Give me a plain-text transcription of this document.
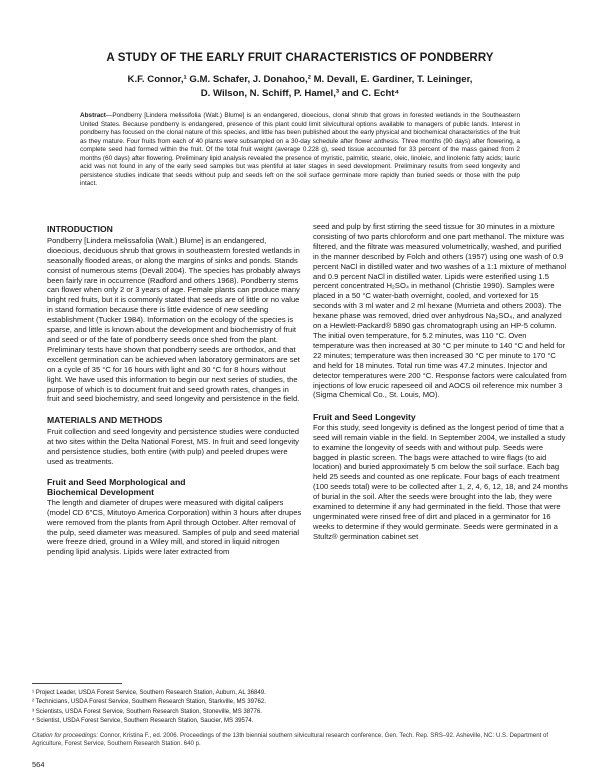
A STUDY OF THE EARLY FRUIT CHARACTERISTICS OF PONDBERRY
K.F. Connor,¹ G.M. Schafer, J. Donahoo,² M. Devall, E. Gardiner, T. Leininger,
D. Wilson, N. Schiff, P. Hamel,³ and C. Echt⁴
Abstract—Pondberry [Lindera melissifolia (Walt.) Blume] is an endangered, dioecious, clonal shrub that grows in forested wetlands in the Southeastern United States. Because pondberry is endangered, presence of this plant could limit silvicultural options available to managers of public lands. Interest in pondberry has focused on the clonal nature of this species, and little has been published about the early physical and biochemical characteristics of the fruit as they mature. Four fruits from each of 40 plants were subsampled on a 30-day schedule after flower anthesis. Three months (90 days) after flowering, a complete seed had formed within the fruit. Of the total fruit weight (average 0.228 g), seed tissue accounted for 33 percent of the mass gained from 2 months (60 days) after flowering. Preliminary lipid analysis revealed the presence of myristic, palmitic, stearic, oleic, linoleic, and linolenic fatty acids; lauric acid was not found in any of the early seed samples but was plentiful at later stages in seed development. Preliminary results from seed longevity and persistence studies indicate that seeds without pulp and seeds left on the soil surface germinate more rapidly than buried seeds or those with the pulp intact.
INTRODUCTION

Pondberry [Lindera melissafolia (Walt.) Blume] is an endangered, dioecious, deciduous shrub that grows in southeastern forested wetlands in seasonally flooded areas, or along the margins of sinks and ponds. Stands consist of numerous stems (Devall 2004). The species has probably always been fairly rare in occurrence (Radford and others 1968). Pondberry stems can flower when only 2 or 3 years of age. Female plants can produce many bright red fruits, but it is commonly stated that seeds are of little or no value in stand formation because there is little evidence of new seedling establishment (Tucker 1984). Information on the ecology of the species is sparse, and little is known about the development and biochemistry of fruit and seed or of the fate of pondberry seeds once shed from the plant. Preliminary tests have shown that pondberry seeds are orthodox, and that excellent germination can be achieved when laboratory germinators are set on a cycle of 35 °C for 16 hours with light and 30 °C for 8 hours without light. We have used this information to begin our next series of studies, the purpose of which is to document fruit and seed growth rates, changes in fruit and seed biochemistry, and seed longevity and persistence in the field.

MATERIALS AND METHODS

Fruit collection and seed longevity and persistence studies were conducted at two sites within the Delta National Forest, MS. In fruit and seed longevity and persistence studies, both entire (with pulp) and peeled drupes were used as treatments.

Fruit and Seed Morphological and
Biochemical Development

The length and diameter of drupes were measured with digital calipers (model CD 6"CS, Mitutoyo America Corporation) within 3 hours after drupes were removed from the plants from April through October. After removal of the pulp, seed diameter was measured. Samples of pulp and seed material were freeze dried, ground in a Wiley mill, and stored in liquid nitrogen pending lipid analysis. Lipids were later extracted from

seed and pulp by first stirring the seed tissue for 30 minutes in a mixture consisting of two parts chloroform and one part methanol. The mixture was filtered, and the filtrate was measured volumetrically, washed, and purified in the manner described by Folch and others (1957) using one wash of 0.9 percent NaCl in distilled water and two washes of a 1:1 mixture of methanol and 0.9 percent NaCl in distilled water. Lipids were esterified using 1.5 percent concentrated H₂SO₄ in methanol (Christie 1990). Samples were placed in a 50 °C water-bath overnight, cooled, and vortexed for 15 seconds with 3 ml water and 2 ml hexane (Murrieta and others 2003). The hexane phase was removed, dried over anhydrous Na₂SO₄, and analyzed on a Hewlett-Packard® 5890 gas chromatograph using an HP-5 column. The initial oven temperature, for 5.2 minutes, was 110 °C. Oven temperature was then increased at 30 °C per minute to 140 °C and held for 22 minutes; temperature was then increased 30 °C per minute to 170 °C and held for 18 minutes. Total run time was 47.2 minutes. Injector and detector temperatures were 200 °C. Response factors were calculated from injections of low erucic rapeseed oil and AOCS oil reference mix number 3 (Sigma Chemical Co., St. Louis, MO).

Fruit and Seed Longevity

For this study, seed longevity is defined as the longest period of time that a seed will remain viable in the field. In September 2004, we installed a study to examine the longevity of seeds with and without pulp. Seeds were bagged in plastic screen. The bags were attached to wire flags (to aid location) and buried approximately 5 cm below the soil surface. Each bag held 25 seeds and counted as one replicate. Four bags of each treatment (100 seeds total) were to be collected after 1, 2, 4, 6, 12, 18, and 24 months of burial in the soil. After the seeds were brought into the lab, they were examined to determine if any had germinated in the field. Those that were ungerminated were rinsed free of dirt and placed in a germinator for 16 weeks to determine if they would germinate. Seeds were germinated in a Stultz® germination cabinet set

¹ Project Leader, USDA Forest Service, Southern Research Station, Auburn, AL 36849.
² Technicians, USDA Forest Service, Southern Research Station, Starkville, MS 39762.
³ Scientists, USDA Forest Service, Southern Research Station, Stoneville, MS 38776.
⁴ Scientist, USDA Forest Service, Southern Research Station, Saucier, MS 39574.
Citation for proceedings: Connor, Kristina F., ed. 2006. Proceedings of the 13th biennial southern silvicultural research conference. Gen. Tech. Rep. SRS–92. Asheville, NC: U.S. Department of Agriculture, Forest Service, Southern Research Station. 640 p.
564
